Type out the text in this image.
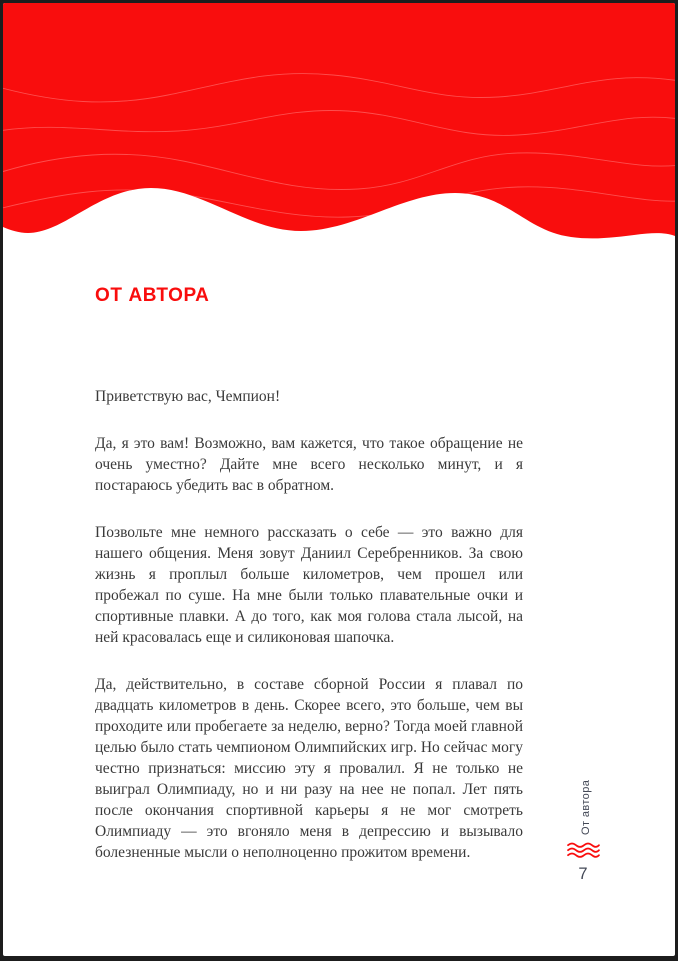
ОТ АВТОРА

Приветствую вас, Чемпион!

Да, я это вам! Возможно, вам кажется, что такое обращение не очень уместно? Дайте мне всего несколько минут, и я постараюсь убедить вас в обратном.

Позвольте мне немного рассказать о себе — это важно для нашего общения. Меня зовут Даниил Серебренников. За свою жизнь я проплыл больше километров, чем прошел или пробежал по суше. На мне были только плавательные очки и спортивные плавки. А до того, как моя голова стала лысой, на ней красовалась еще и силиконовая шапочка.

Да, действительно, в составе сборной России я плавал по двадцать километров в день. Скорее всего, это больше, чем вы проходите или пробегаете за неделю, верно? Тогда моей главной целью было стать чемпионом Олимпийских игр. Но сейчас могу честно признаться: миссию эту я провалил. Я не только не выиграл Олимпиаду, но и ни разу на нее не попал. Лет пять после окончания спортивной карьеры я не мог смотреть Олимпиаду — это вгоняло меня в депрессию и вызывало болезненные мысли о неполноценно прожитом времени.

От автора
7
